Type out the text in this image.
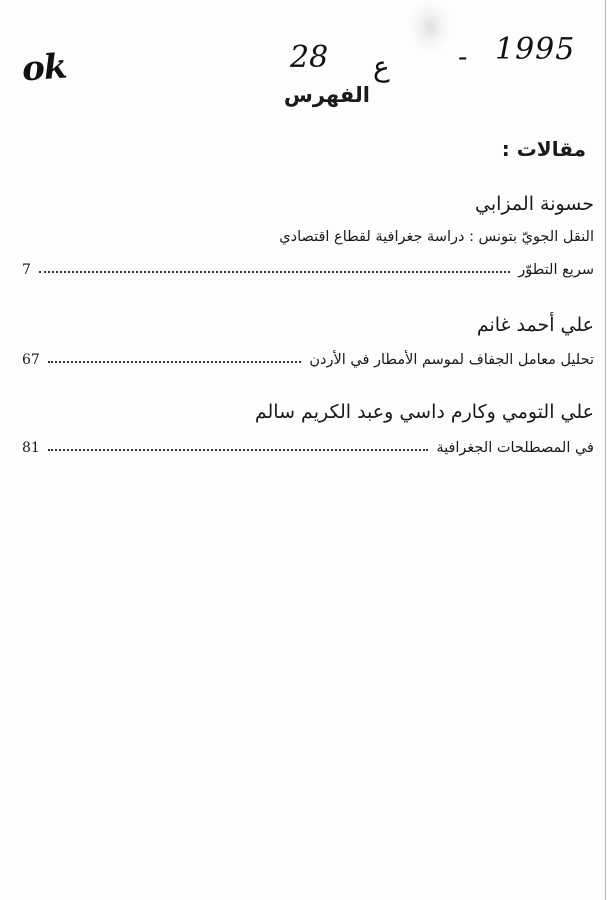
ok	28 ع - 1995
الفهرس
مقالات :
حسونة المزابي
النقل الجويّ بتونس : دراسة جغرافية لقطاع اقتصادي
سريع التطوّر
7
علي أحمد غانم
تحليل معامل الجفاف لموسم الأمطار في الأردن
67
علي التومي وكارم داسي وعبد الكريم سالم
في المصطلحات الجغرافية
81
